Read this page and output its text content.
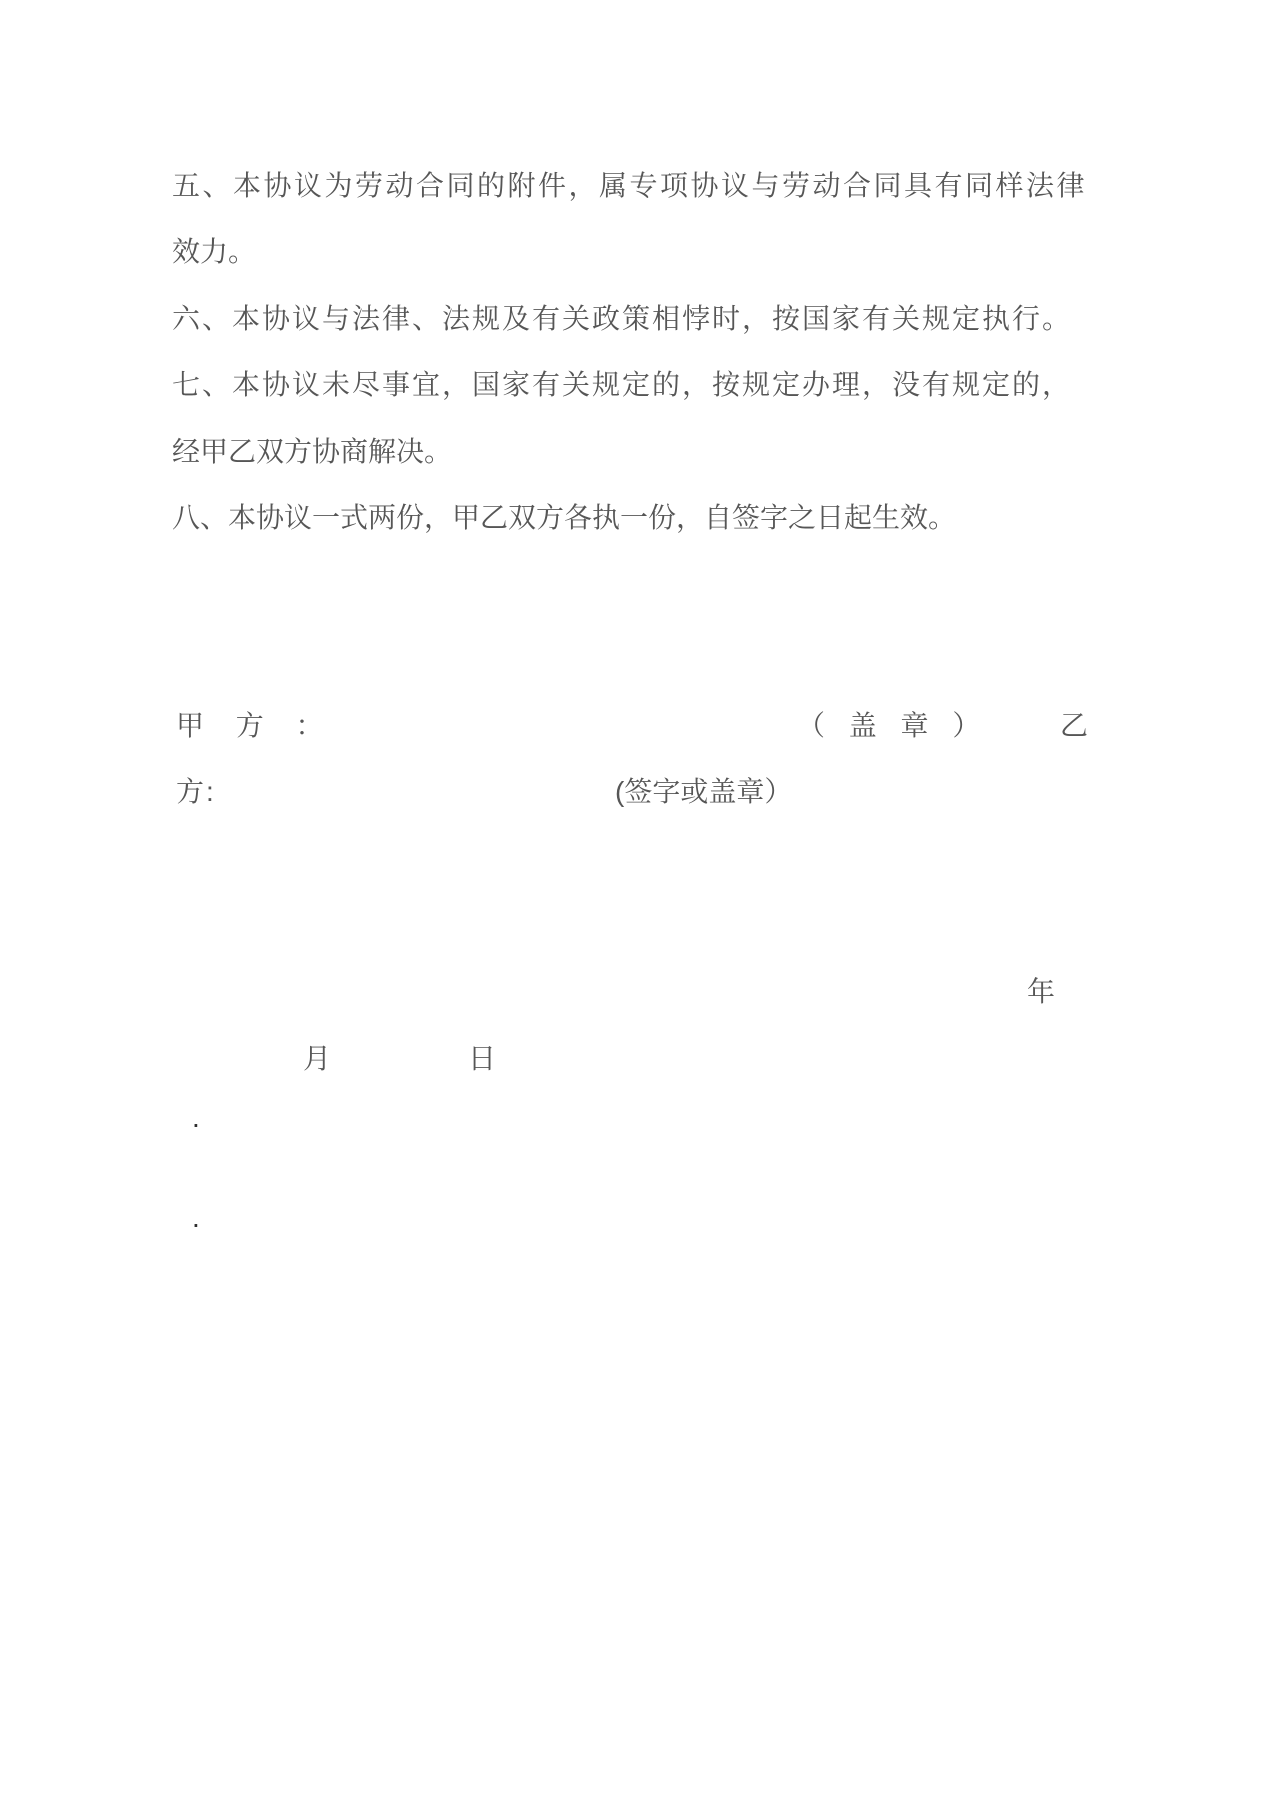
五、本协议为劳动合同的附件，属专项协议与劳动合同具有同样法律
效力。
六、本协议与法律、法规及有关政策相悖时，按国家有关规定执行。
七、本协议未尽事宜，国家有关规定的，按规定办理，没有规定的，
经甲乙双方协商解决。
八、本协议一式两份，甲乙双方各执一份，自签字之日起生效。
甲 方 ：	（ 盖 章 ）	乙
方:	(签字或盖章）
年
月	日
.
.
